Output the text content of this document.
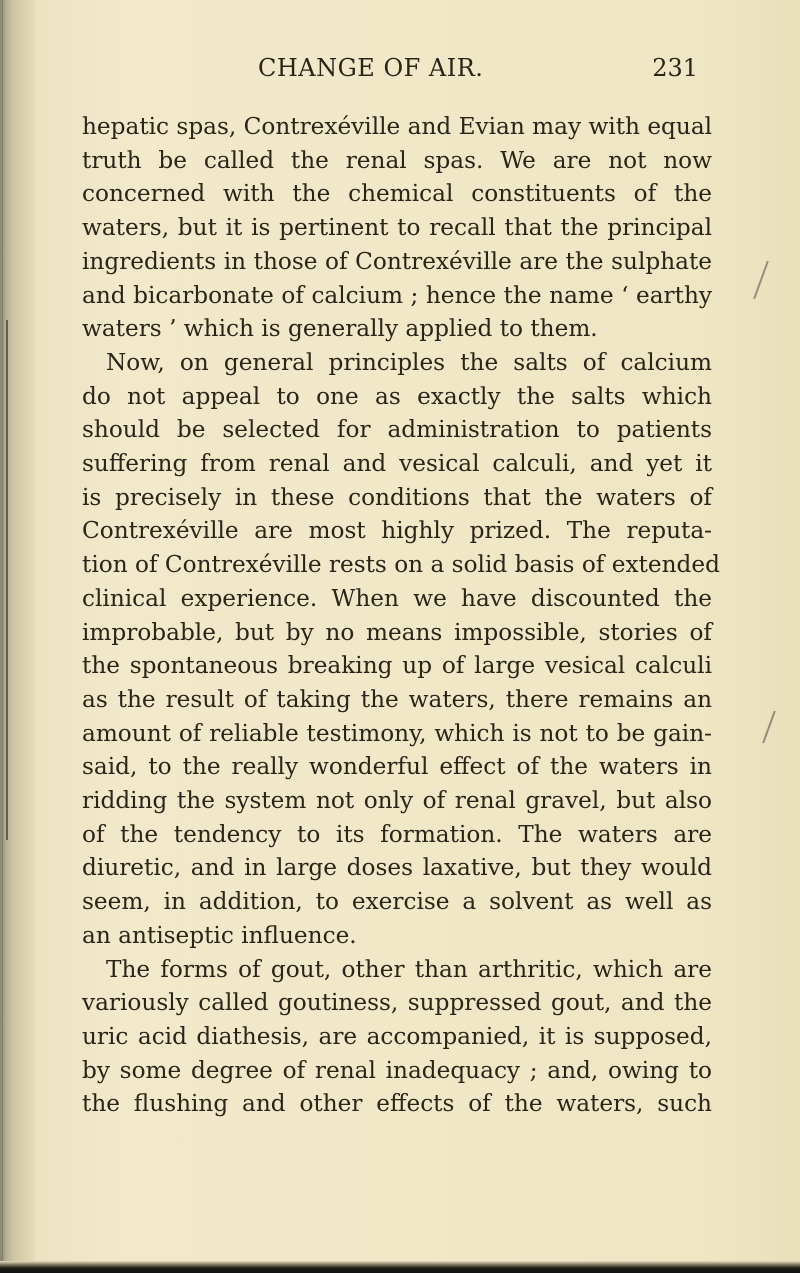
CHANGE OF AIR.	231
hepatic spas, Contrexéville and Evian may with equal
truth be called the renal spas. We are not now
concerned with the chemical constituents of the
waters, but it is pertinent to recall that the principal
ingredients in those of Contrexéville are the sulphate
and bicarbonate of calcium ; hence the name ‘ earthy
waters ’ which is generally applied to them.
Now, on general principles the salts of calcium
do not appeal to one as exactly the salts which
should be selected for administration to patients
suffering from renal and vesical calculi, and yet it
is precisely in these conditions that the waters of
Contrexéville are most highly prized. The reputa-
tion of Contrexéville rests on a solid basis of extended
clinical experience. When we have discounted the
improbable, but by no means impossible, stories of
the spontaneous breaking up of large vesical calculi
as the result of taking the waters, there remains an
amount of reliable testimony, which is not to be gain-
said, to the really wonderful effect of the waters in
ridding the system not only of renal gravel, but also
of the tendency to its formation. The waters are
diuretic, and in large doses laxative, but they would
seem, in addition, to exercise a solvent as well as
an antiseptic influence.
The forms of gout, other than arthritic, which are
variously called goutiness, suppressed gout, and the
uric acid diathesis, are accompanied, it is supposed,
by some degree of renal inadequacy ; and, owing to
the flushing and other effects of the waters, such
